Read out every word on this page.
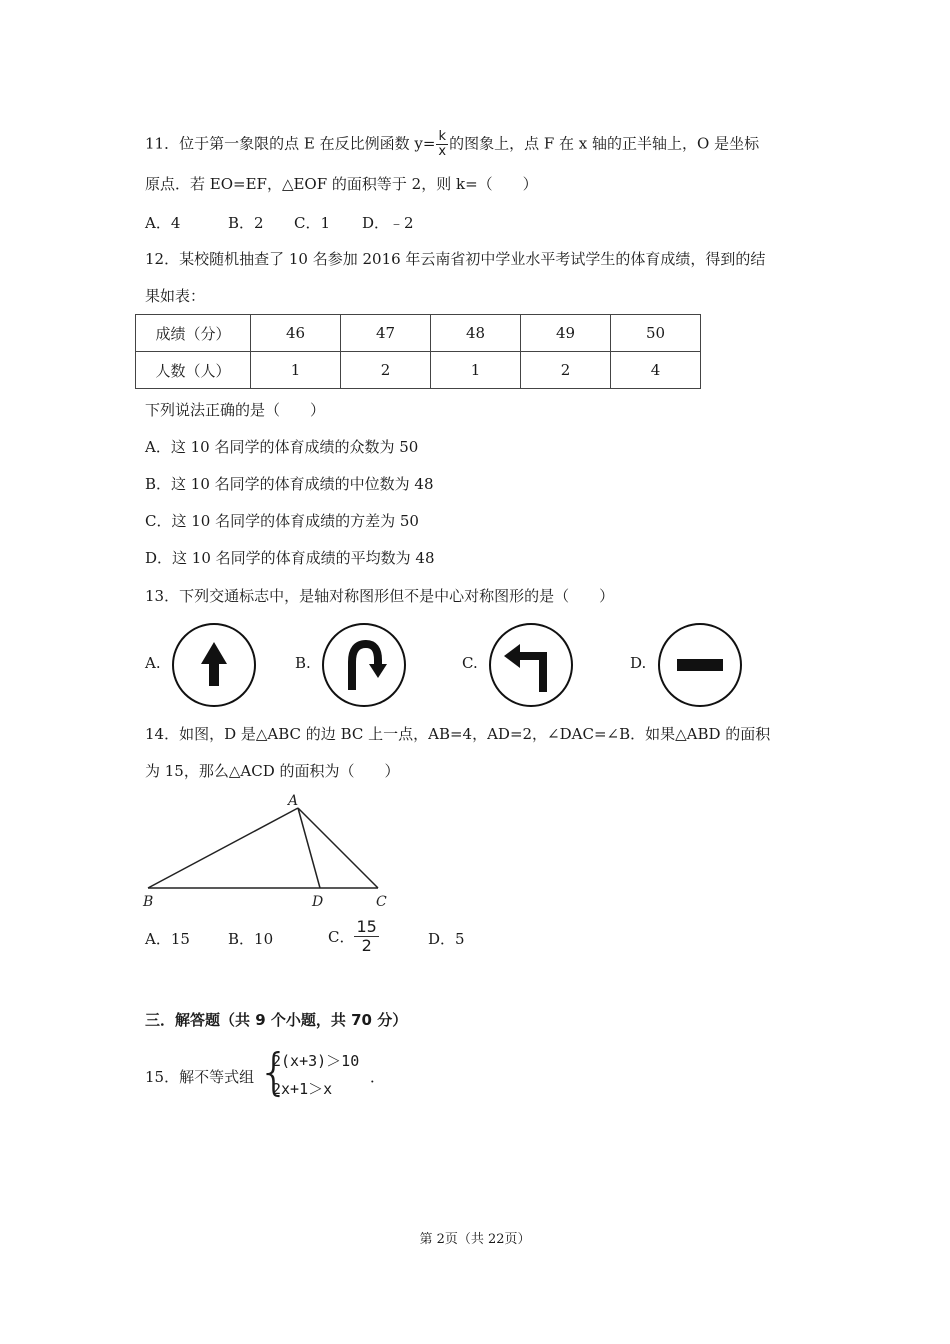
11．位于第一象限的点 E 在反比例函数 $y= \frac{k}{x}$ 的图象上，点 F 在 x 轴的正半轴上，O 是坐标
原点．若 EO=EF，△EOF 的面积等于 2，则 k=（　　）
A．4	B．2 C．1 D．﹣2
12．某校随机抽查了 10 名参加 2016 年云南省初中学业水平考试学生的体育成绩，得到的结
果如表：
成绩（分）	46	47	48	49	50
人数（人）	1	2	1	2	4
下列说法正确的是（　　）
A．这 10 名同学的体育成绩的众数为 50
B．这 10 名同学的体育成绩的中位数为 48
C．这 10 名同学的体育成绩的方差为 50
D．这 10 名同学的体育成绩的平均数为 48
13．下列交通标志中，是轴对称图形但不是中心对称图形的是（　　）
A.	B.	C.	D.
14．如图，D 是△ABC 的边 BC 上一点，AB=4，AD=2，∠DAC=∠B．如果△ABD 的面积
为 15，那么△ACD 的面积为（　　）
A
B	D	C
A．15	B．10	C． $\frac{15}{2}$	D．5
三．解答题（共 9 个小题，共 70 分）
15．解不等式组 {
2(x+3)＞10
2x+1＞x
．
第 2页（共 22页）
